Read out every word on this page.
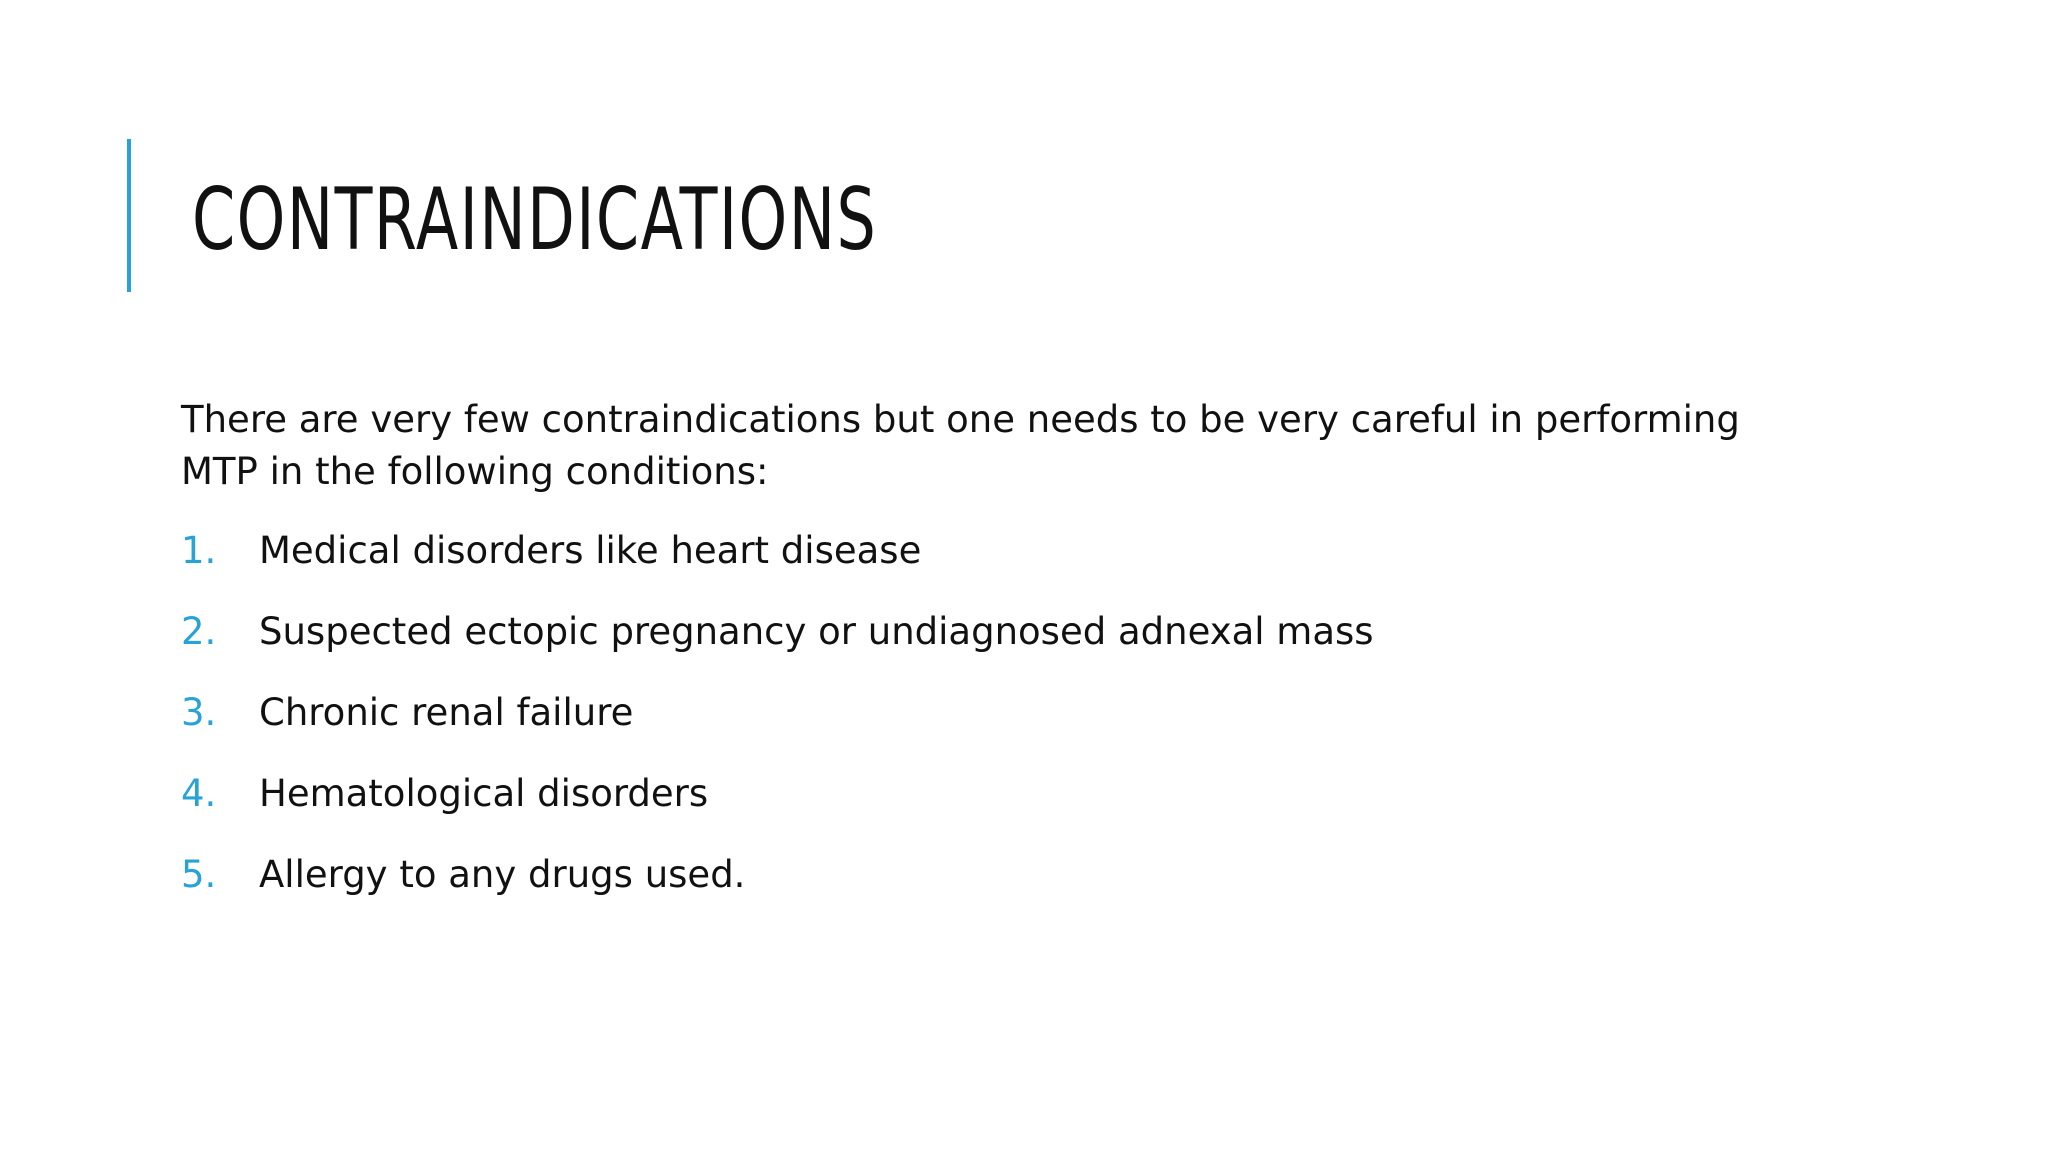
CONTRAINDICATIONS

There are very few contraindications but one needs to be very careful in performing MTP in the following conditions:

1.	Medical disorders like heart disease
2.	Suspected ectopic pregnancy or undiagnosed adnexal mass
3.	Chronic renal failure
4.	Hematological disorders
5.	Allergy to any drugs used.
